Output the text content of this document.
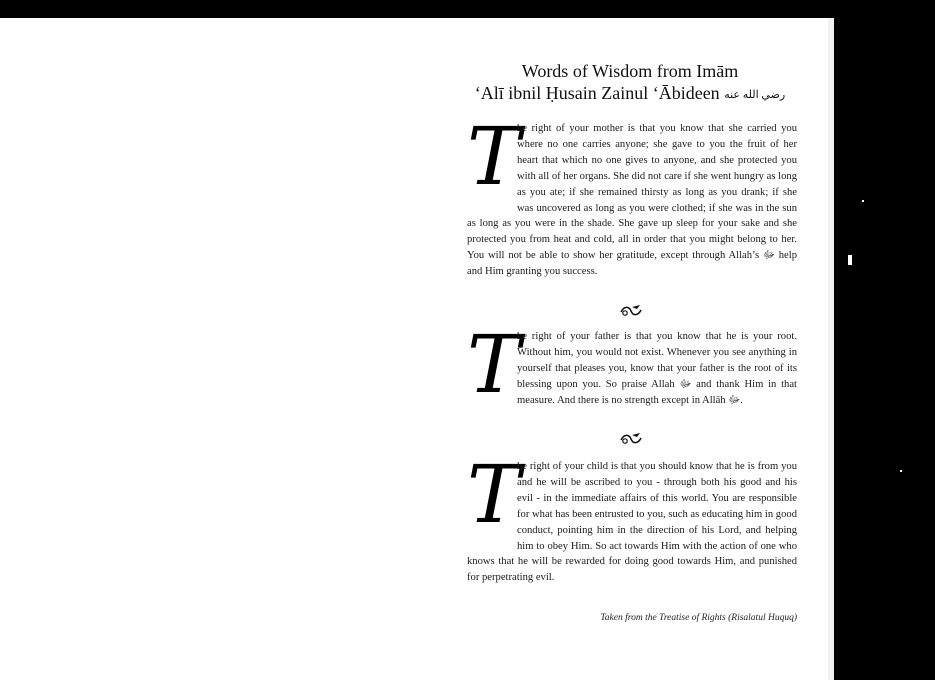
Words of Wisdom from Imām
‘Alī ibnil Ḥusain Zainul ‘Ābideen رضي الله عنه
T
he right of your mother is that you know that she carried you where no one carries anyone; she gave to you the fruit of her heart that which no one gives to anyone, and she protected you with all of her organs. She did not care if she went hungry as long as you ate; if she remained thirsty as long as you drank; if she was uncovered as long as you were clothed; if she was in the sun as long as you were in the shade. She gave up sleep for your sake and she protected you from heat and cold, all in order that you might belong to her. You will not be able to show her gratitude, except through Allah’s ﷻ help and Him granting you success.
T
he right of your father is that you know that he is your root. Without him, you would not exist. Whenever you see anything in yourself that pleases you, know that your father is the root of its blessing upon you. So praise Allah ﷻ and thank Him in that measure. And there is no strength except in Allāh ﷻ.
T
he right of your child is that you should know that he is from you and he will be ascribed to you - through both his good and his evil - in the immediate affairs of this world. You are responsible for what has been entrusted to you, such as educating him in good conduct, pointing him in the direction of his Lord, and helping him to obey Him. So act towards Him with the action of one who knows that he will be rewarded for doing good towards Him, and punished for perpetrating evil.
Taken from the Treatise of Rights (Risalatul Huquq)
